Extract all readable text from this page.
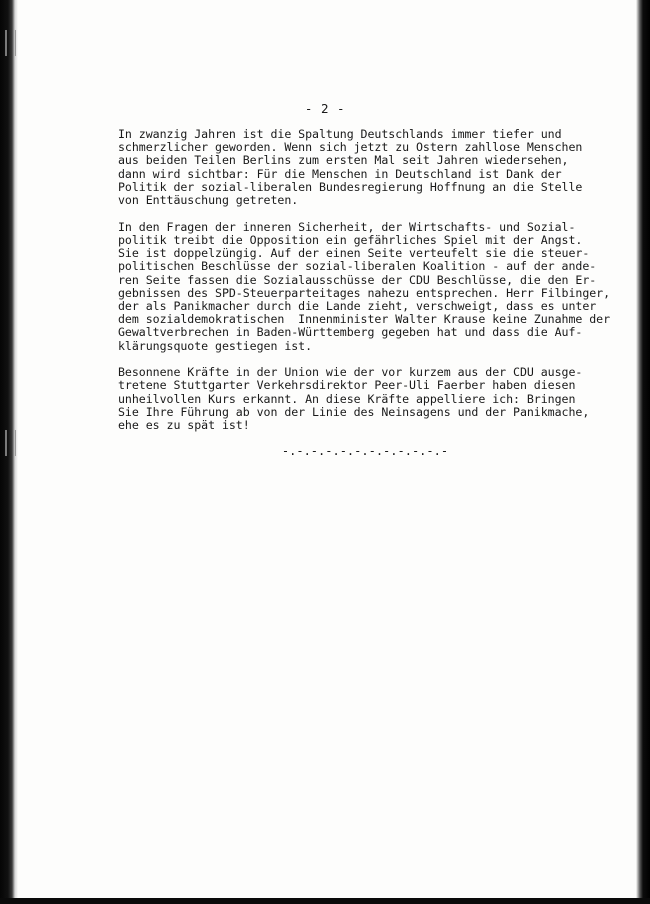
- 2 -
In zwanzig Jahren ist die Spaltung Deutschlands immer tiefer und
schmerzlicher geworden. Wenn sich jetzt zu Ostern zahllose Menschen
aus beiden Teilen Berlins zum ersten Mal seit Jahren wiedersehen,
dann wird sichtbar: Für die Menschen in Deutschland ist Dank der
Politik der sozial-liberalen Bundesregierung Hoffnung an die Stelle
von Enttäuschung getreten.
In den Fragen der inneren Sicherheit, der Wirtschafts- und Sozial-
politik treibt die Opposition ein gefährliches Spiel mit der Angst.
Sie ist doppelzüngig. Auf der einen Seite verteufelt sie die steuer-
politischen Beschlüsse der sozial-liberalen Koalition - auf der ande-
ren Seite fassen die Sozialausschüsse der CDU Beschlüsse, die den Er-
gebnissen des SPD-Steuerparteitages nahezu entsprechen. Herr Filbinger,
der als Panikmacher durch die Lande zieht, verschweigt, dass es unter
dem sozialdemokratischen  Innenminister Walter Krause keine Zunahme der
Gewaltverbrechen in Baden-Württemberg gegeben hat und dass die Auf-
klärungsquote gestiegen ist.
Besonnene Kräfte in der Union wie der vor kurzem aus der CDU ausge-
tretene Stuttgarter Verkehrsdirektor Peer-Uli Faerber haben diesen
unheilvollen Kurs erkannt. An diese Kräfte appelliere ich: Bringen
Sie Ihre Führung ab von der Linie des Neinsagens und der Panikmache,
ehe es zu spät ist!
-.-.-.-.-.-.-.-.-.-.-.-
